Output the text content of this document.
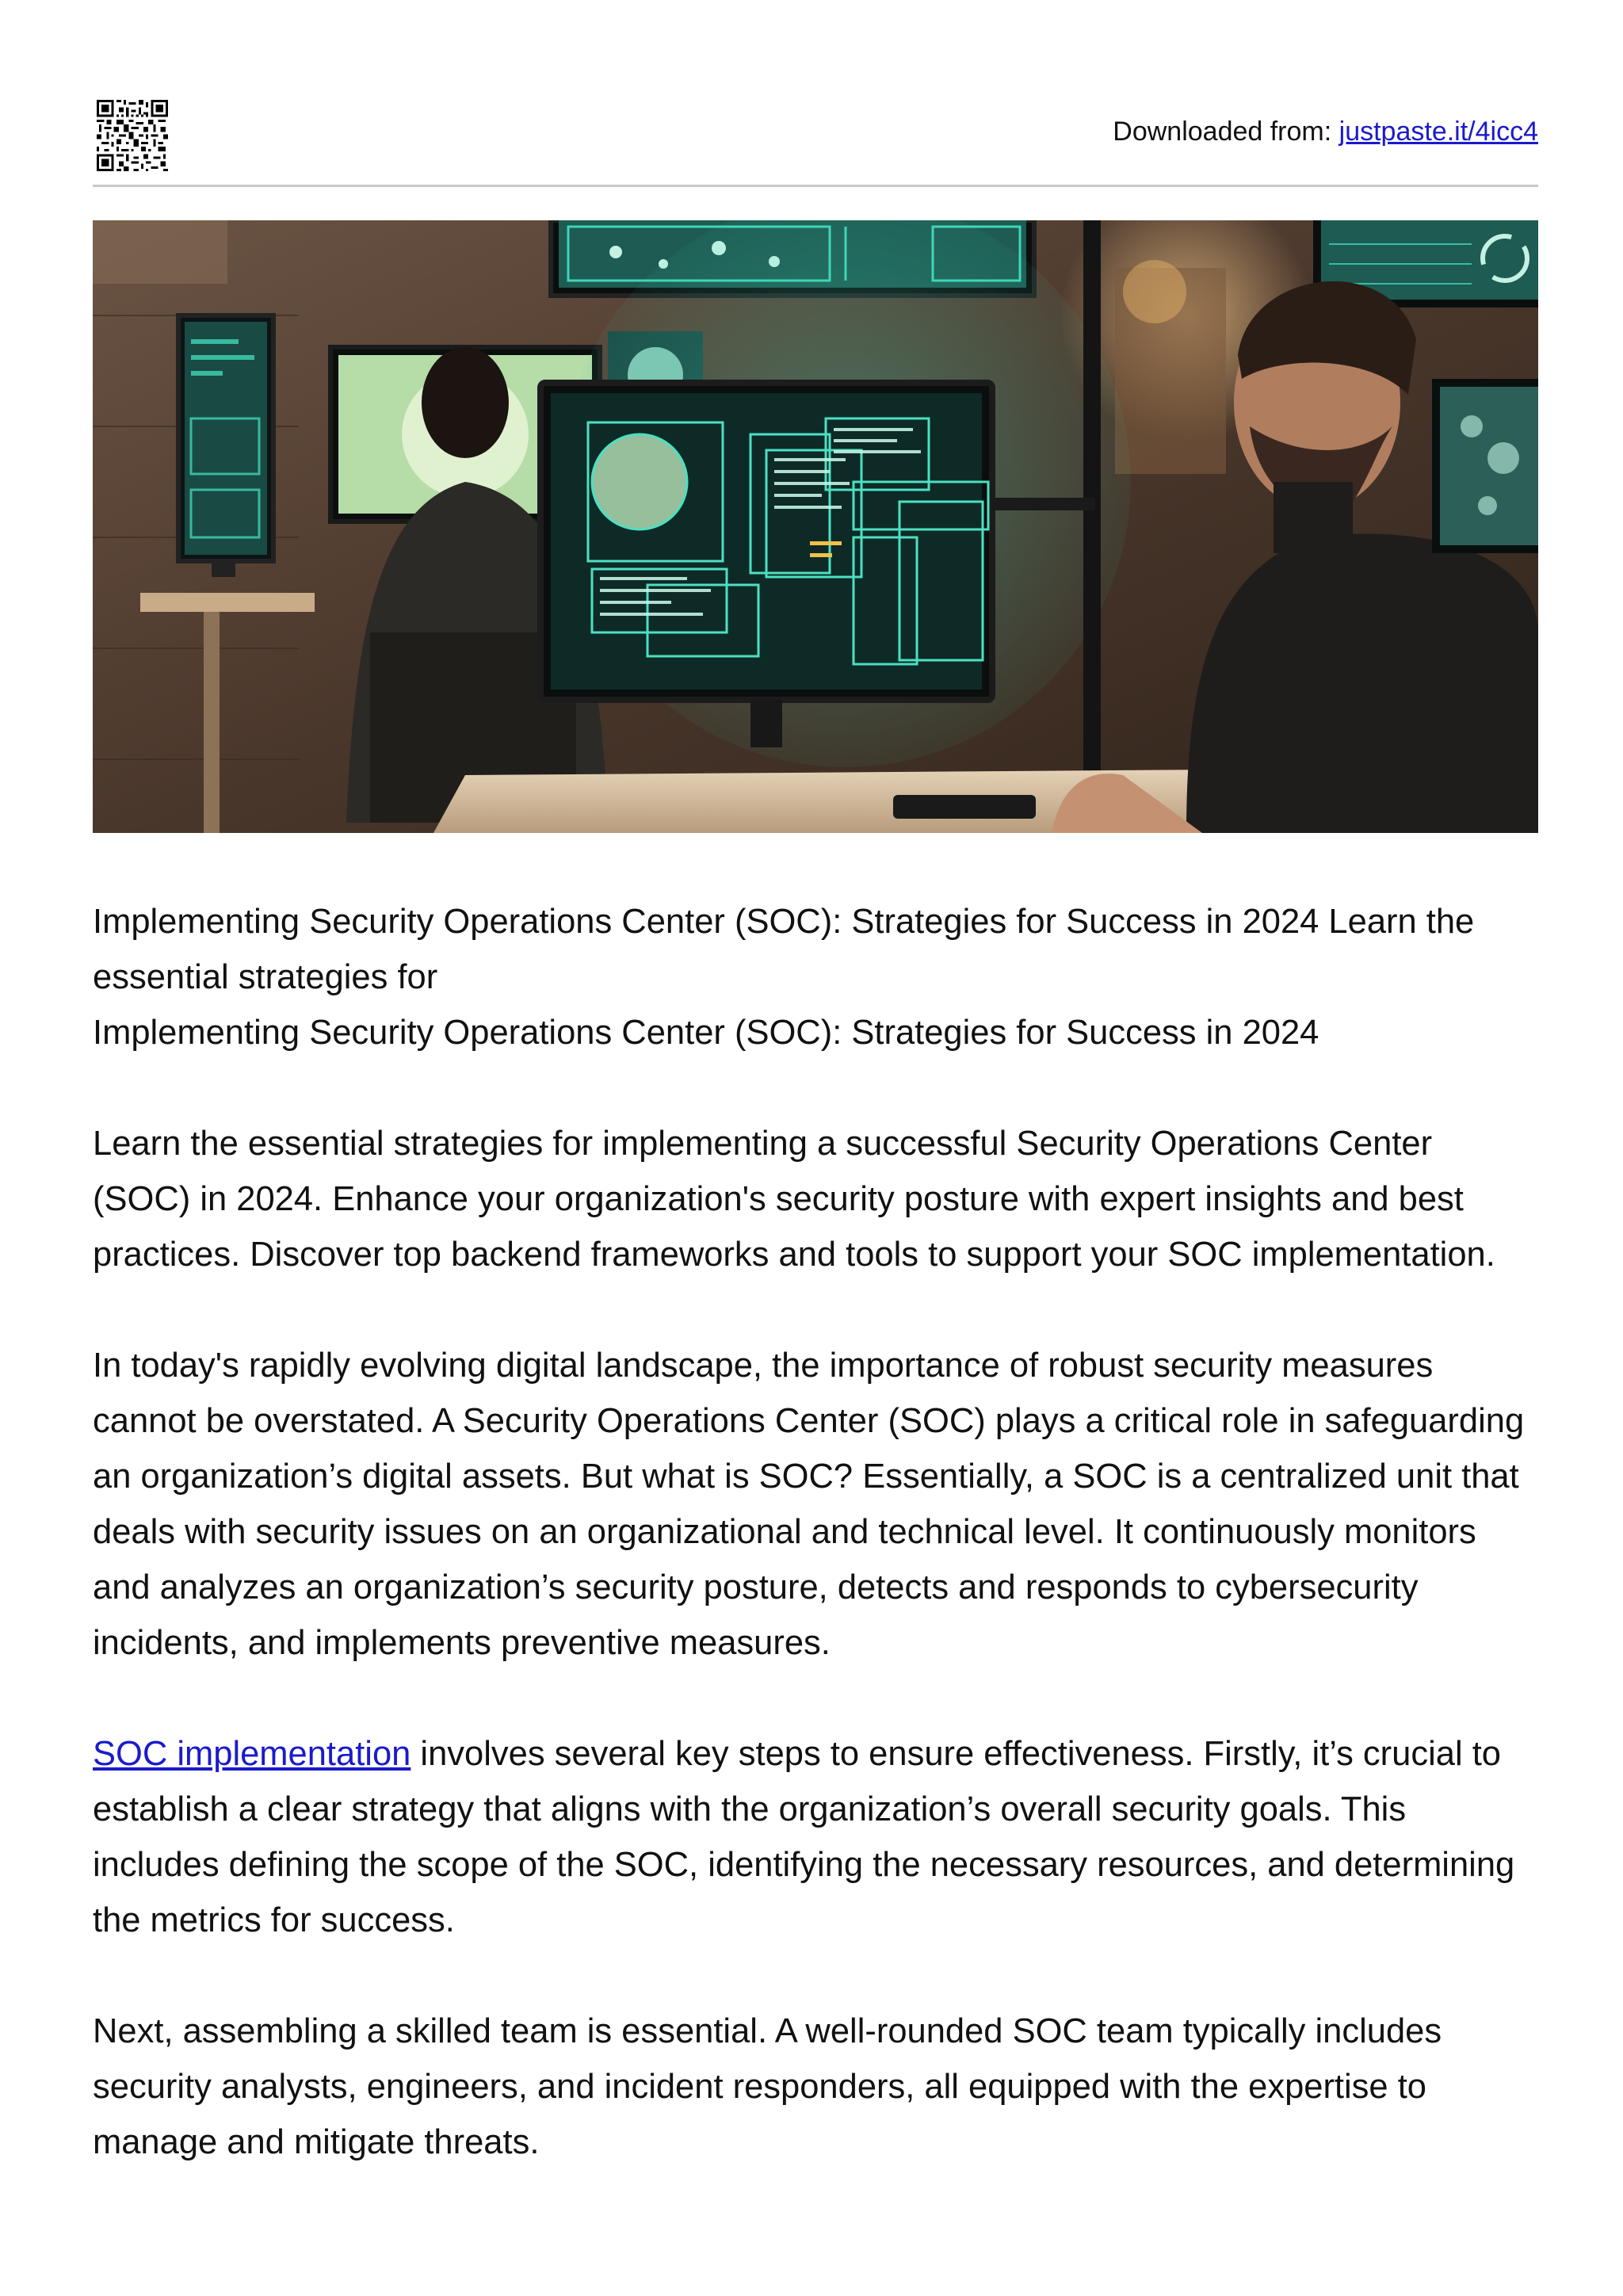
Downloaded from: justpaste.it/4icc4

Implementing Security Operations Center (SOC): Strategies for Success in 2024 Learn the essential strategies for

Implementing Security Operations Center (SOC): Strategies for Success in 2024

Learn the essential strategies for implementing a successful Security Operations Center (SOC) in 2024. Enhance your organization's security posture with expert insights and best practices. Discover top backend frameworks and tools to support your SOC implementation.

In today's rapidly evolving digital landscape, the importance of robust security measures cannot be overstated. A Security Operations Center (SOC) plays a critical role in safeguarding an organization’s digital assets. But what is SOC? Essentially, a SOC is a centralized unit that deals with security issues on an organizational and technical level. It continuously monitors and analyzes an organization’s security posture, detects and responds to cybersecurity incidents, and implements preventive measures.

SOC implementation involves several key steps to ensure effectiveness. Firstly, it’s crucial to establish a clear strategy that aligns with the organization’s overall security goals. This includes defining the scope of the SOC, identifying the necessary resources, and determining the metrics for success.

Next, assembling a skilled team is essential. A well-rounded SOC team typically includes security analysts, engineers, and incident responders, all equipped with the expertise to manage and mitigate threats.
